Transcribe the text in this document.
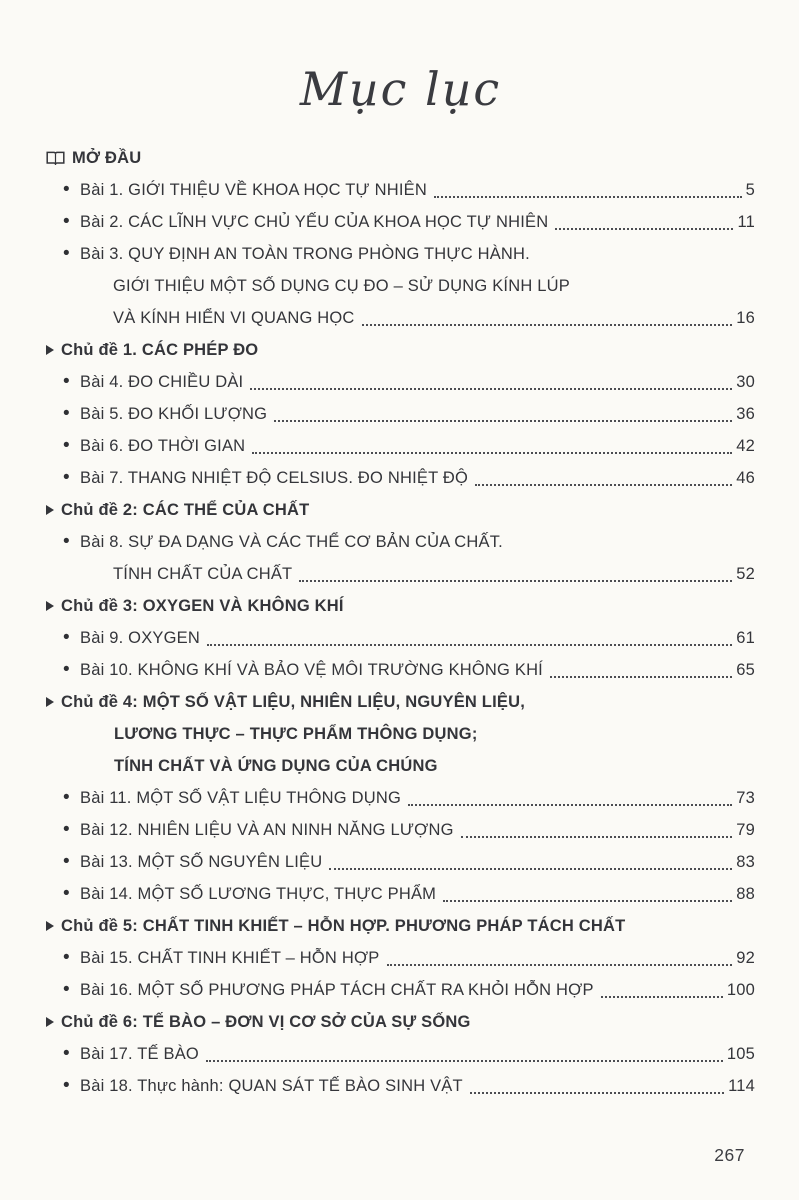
Mục lục
MỞ ĐẦU
• Bài 1. GIỚI THIỆU VỀ KHOA HỌC TỰ NHIÊN	5
• Bài 2. CÁC LĨNH VỰC CHỦ YẾU CỦA KHOA HỌC TỰ NHIÊN	11
• Bài 3. QUY ĐỊNH AN TOÀN TRONG PHÒNG THỰC HÀNH.
GIỚI THIỆU MỘT SỐ DỤNG CỤ ĐO – SỬ DỤNG KÍNH LÚP
VÀ KÍNH HIỂN VI QUANG HỌC	16
Chủ đề 1. CÁC PHÉP ĐO
• Bài 4. ĐO CHIỀU DÀI	30
• Bài 5. ĐO KHỐI LƯỢNG	36
• Bài 6. ĐO THỜI GIAN	42
• Bài 7. THANG NHIỆT ĐỘ CELSIUS. ĐO NHIỆT ĐỘ	46
Chủ đề 2: CÁC THỂ CỦA CHẤT
• Bài 8. SỰ ĐA DẠNG VÀ CÁC THỂ CƠ BẢN CỦA CHẤT.
TÍNH CHẤT CỦA CHẤT	52
Chủ đề 3: OXYGEN VÀ KHÔNG KHÍ
• Bài 9. OXYGEN	61
• Bài 10. KHÔNG KHÍ VÀ BẢO VỆ MÔI TRƯỜNG KHÔNG KHÍ	65
Chủ đề 4: MỘT SỐ VẬT LIỆU, NHIÊN LIỆU, NGUYÊN LIỆU,
LƯƠNG THỰC – THỰC PHẨM THÔNG DỤNG;
TÍNH CHẤT VÀ ỨNG DỤNG CỦA CHÚNG
• Bài 11. MỘT SỐ VẬT LIỆU THÔNG DỤNG	73
• Bài 12. NHIÊN LIỆU VÀ AN NINH NĂNG LƯỢNG	79
• Bài 13. MỘT SỐ NGUYÊN LIỆU	83
• Bài 14. MỘT SỐ LƯƠNG THỰC, THỰC PHẨM	88
Chủ đề 5: CHẤT TINH KHIẾT – HỖN HỢP. PHƯƠNG PHÁP TÁCH CHẤT
• Bài 15. CHẤT TINH KHIẾT – HỖN HỢP	92
• Bài 16. MỘT SỐ PHƯƠNG PHÁP TÁCH CHẤT RA KHỎI HỖN HỢP	100
Chủ đề 6: TẾ BÀO – ĐƠN VỊ CƠ SỞ CỦA SỰ SỐNG
• Bài 17. TẾ BÀO	105
• Bài 18. Thực hành: QUAN SÁT TẾ BÀO SINH VẬT	114
267
